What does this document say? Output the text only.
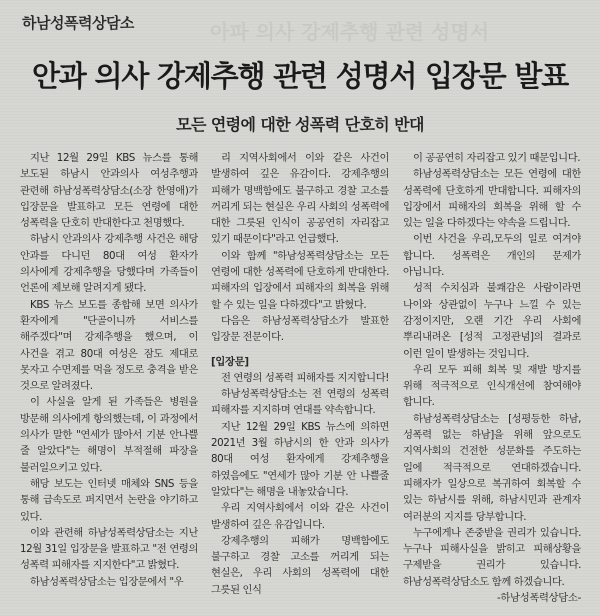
아파 의사 강제추행 관련 성명서
하남성폭력상담소
안과 의사 강제추행 관련 성명서 입장문 발표
모든 연령에 대한 성폭력 단호히 반대

지난 12월 29일 KBS 뉴스를 통해 보도된 하남시 안과의사 여성추행과 관련해 하남성폭력상담소(소장 한영애)가 입장문을 발표하고 모든 연령에 대한 성폭력을 단호히 반대한다고 천명했다.

하남시 안과의사 강제추행 사건은 해당 안과를 다니던 80대 여성 환자가 의사에게 강제추행을 당했다며 가족들이 언론에 제보해 알려지게 됐다.

KBS 뉴스 보도를 종합해 보면 의사가 환자에게 "단골이니까 서비스를 해주겠다"며 강제추행을 했으며, 이 사건을 겪고 80대 여성은 잠도 제대로 못자고 수면제를 먹을 정도로 충격을 받은 것으로 알려졌다.

이 사실을 알게 된 가족들은 병원을 방문해 의사에게 항의했는데, 이 과정에서 의사가 말한 "연세가 많아서 기분 안나쁠 줄 알았다"는 해명이 부적절해 파장을 불러일으키고 있다.

해당 보도는 인터넷 매체와 SNS 등을 통해 급속도로 퍼지면서 논란을 야기하고 있다.

이와 관련해 하남성폭력상담소는 지난 12월 31일 입장문을 발표하고 "전 연령의 성폭력 피해자를 지지한다"고 밝혔다.

하남성폭력상담소는 입장문에서 "우

리 지역사회에서 이와 같은 사건이 발생하여 깊은 유감이다. 강제추행의 피해가 명백함에도 불구하고 경찰 고소를 꺼리게 되는 현실은 우리 사회의 성폭력에 대한 그릇된 인식이 공공연히 자리잡고 있기 때문이다"라고 언급했다.

이와 함께 "하남성폭력상담소는 모든 연령에 대한 성폭력에 단호하게 반대한다. 피해자의 입장에서 피해자의 회복을 위해 할 수 있는 일을 다하겠다"고 밝혔다.

다음은 하남성폭력상담소가 발표한 입장문 전문이다.

[입장문]

전 연령의 성폭력 피해자를 지지합니다!

하남성폭력상담소는 전 연령의 성폭력 피해자를 지지하며 연대를 약속합니다.

지난 12월 29일 KBS 뉴스에 의하면 2021년 3월 하남시의 한 안과 의사가 80대 여성 환자에게 강제추행을 하였음에도 "연세가 많아 기분 안 나쁠줄 알았다"는 해명을 내놓았습니다.

우리 지역사회에서 이와 같은 사건이 발생하여 깊은 유감입니다.

강제추행의 피해가 명백함에도 불구하고 경찰 고소를 꺼리게 되는 현실은, 우리 사회의 성폭력에 대한 그릇된 인식

이 공공연히 자리잡고 있기 때문입니다.

하남성폭력상담소는 모든 연령에 대한 성폭력에 단호하게 반대합니다. 피해자의 입장에서 피해자의 회복을 위해 할 수 있는 일을 다하겠다는 약속을 드립니다.

이번 사건을 우리,모두의 일로 여겨야 합니다. 성폭력은 개인의 문제가 아닙니다.

성적 수치심과 불쾌감은 사람이라면 나이와 상관없이 누구나 느낄 수 있는 감정이지만, 오랜 기간 우리 사회에 뿌리내려온 [성적 고정관념]의 결과로 이런 일이 발생하는 것입니다.

우리 모두 피해 회복 및 재발 방지를 위해 적극적으로 인식개선에 참여해야 합니다.

하남성폭력상담소는 [성평등한 하남, 성폭력 없는 하남]을 위해 앞으로도 지역사회의 건전한 성문화를 주도하는 일에 적극적으로 연대하겠습니다. 피해자가 일상으로 복귀하여 회복할 수 있는 하남시를 위해, 하남시민과 관계자 여러분의 지지를 당부합니다.

누구에게나 존중받을 권리가 있습니다. 누구나 피해사실을 밝히고 피해상황을 구제받을 권리가 있습니다. 하남성폭력상담소도 함께 하겠습니다.

-하남성폭력상담소-
